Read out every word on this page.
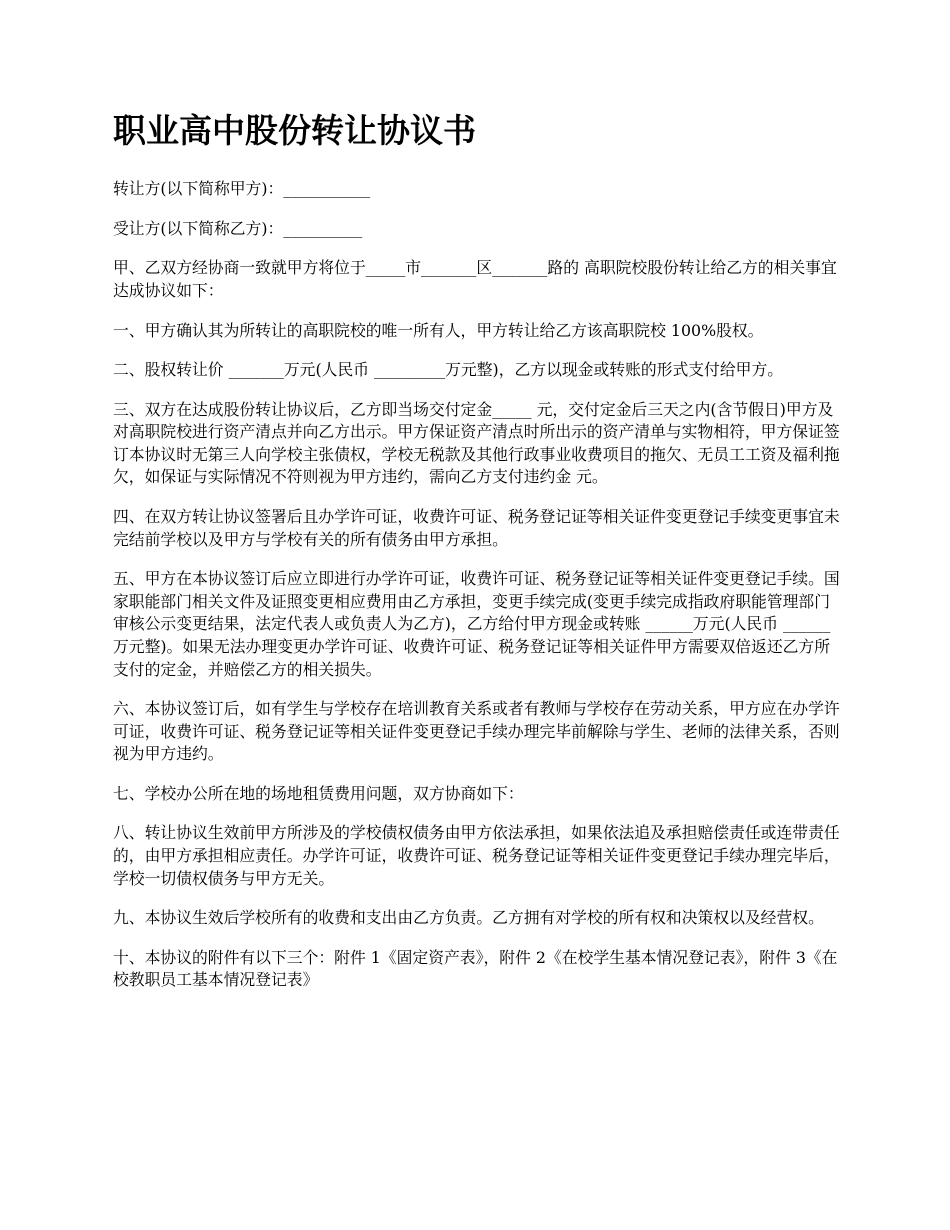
职业高中股份转让协议书

转让方(以下简称甲方)：___________

受让方(以下简称乙方)：__________

甲、乙双方经协商一致就甲方将位于_____市_______区_______路的 高职院校股份转让给乙方的相关事宜达成协议如下：

一、甲方确认其为所转让的高职院校的唯一所有人，甲方转让给乙方该高职院校 100%股权。

二、股权转让价 _______万元(人民币 _________万元整)，乙方以现金或转账的形式支付给甲方。

三、双方在达成股份转让协议后，乙方即当场交付定金_____ 元，交付定金后三天之内(含节假日)甲方及对高职院校进行资产清点并向乙方出示。甲方保证资产清点时所出示的资产清单与实物相符，甲方保证签订本协议时无第三人向学校主张债权，学校无税款及其他行政事业收费项目的拖欠、无员工工资及福利拖欠，如保证与实际情况不符则视为甲方违约，需向乙方支付违约金 元。

四、在双方转让协议签署后且办学许可证，收费许可证、税务登记证等相关证件变更登记手续变更事宜未完结前学校以及甲方与学校有关的所有债务由甲方承担。

五、甲方在本协议签订后应立即进行办学许可证，收费许可证、税务登记证等相关证件变更登记手续。国家职能部门相关文件及证照变更相应费用由乙方承担，变更手续完成(变更手续完成指政府职能管理部门审核公示变更结果，法定代表人或负责人为乙方)，乙方给付甲方现金或转账 ______万元(人民币 ______万元整)。如果无法办理变更办学许可证、收费许可证、税务登记证等相关证件甲方需要双倍返还乙方所支付的定金，并赔偿乙方的相关损失。

六、本协议签订后，如有学生与学校存在培训教育关系或者有教师与学校存在劳动关系，甲方应在办学许可证，收费许可证、税务登记证等相关证件变更登记手续办理完毕前解除与学生、老师的法律关系，否则视为甲方违约。

七、学校办公所在地的场地租赁费用问题，双方协商如下：

八、转让协议生效前甲方所涉及的学校债权债务由甲方依法承担，如果依法追及承担赔偿责任或连带责任的，由甲方承担相应责任。办学许可证，收费许可证、税务登记证等相关证件变更登记手续办理完毕后，学校一切债权债务与甲方无关。

九、本协议生效后学校所有的收费和支出由乙方负责。乙方拥有对学校的所有权和决策权以及经营权。

十、本协议的附件有以下三个：附件 1《固定资产表》，附件 2《在校学生基本情况登记表》，附件 3《在校教职员工基本情况登记表》
